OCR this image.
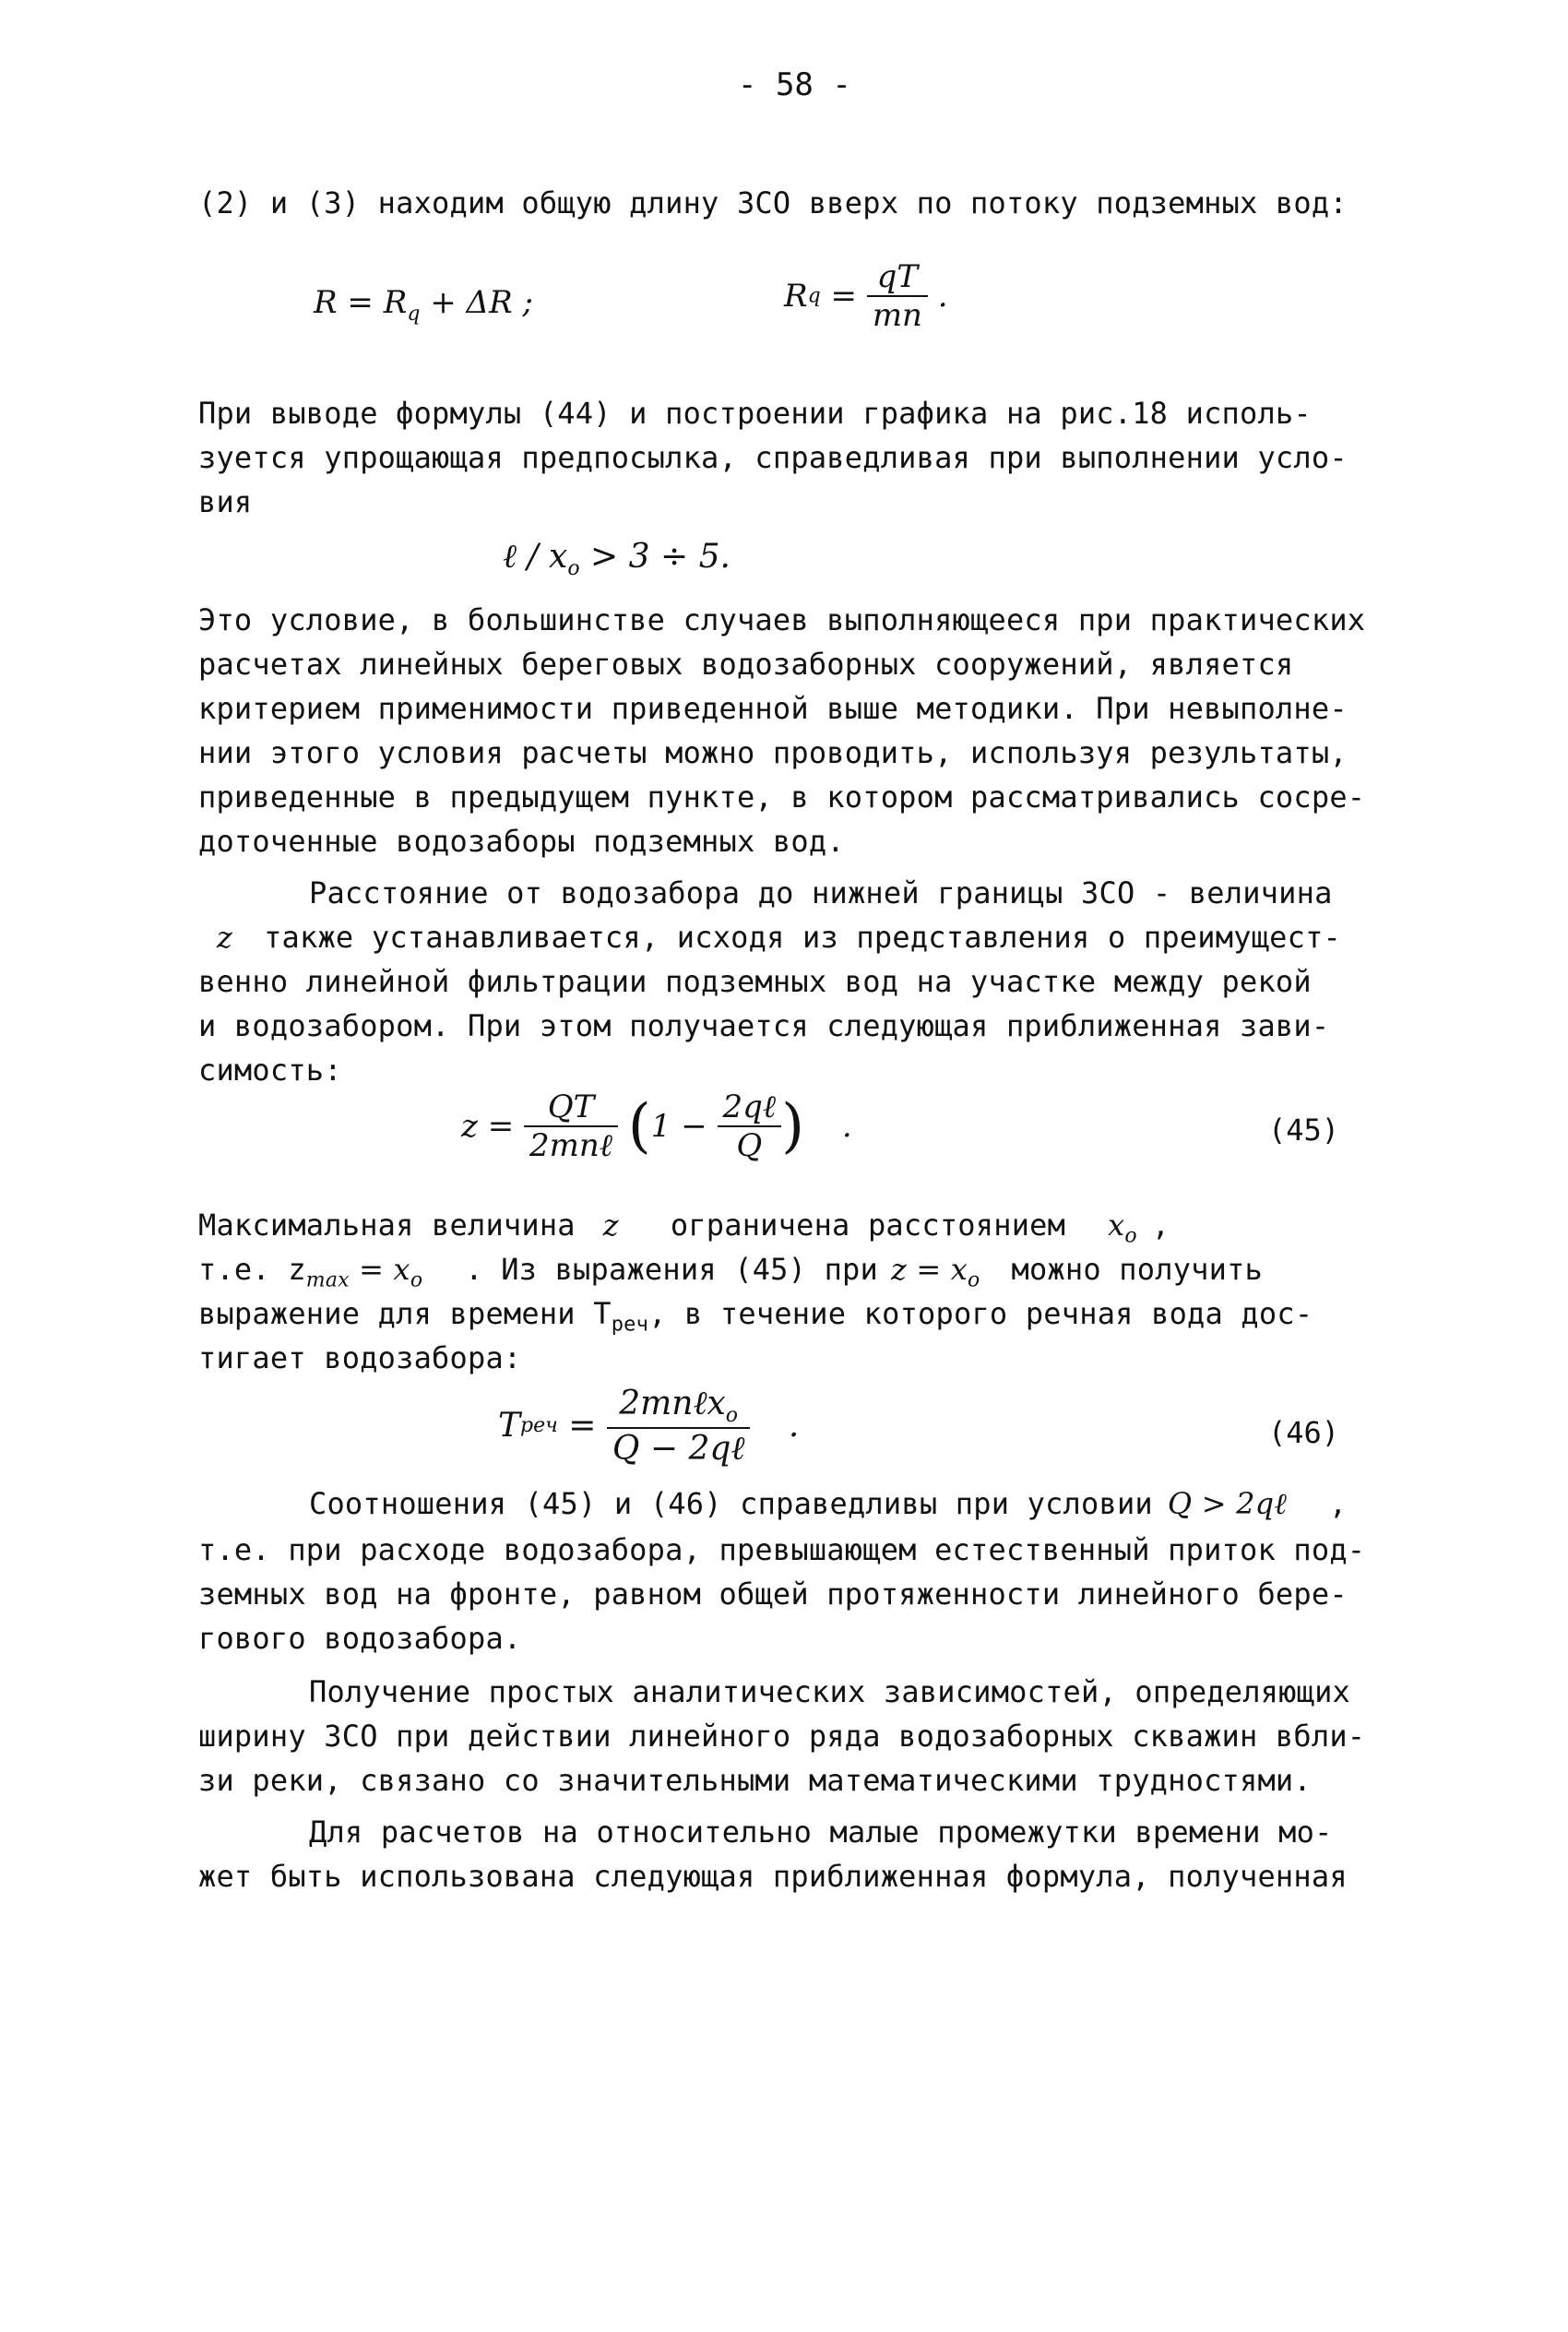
- 58 -
(2) и (3) находим общую длину ЗСО вверх по потоку подземных вод:
$R = R_q + \Delta R$ ;	$Rq = \frac{qT}{mn}$ .
При выводе формулы (44) и построении графика на рис.18 исполь-
зуется упрощающая предпосылка, справедливая при выполнении усло-
вия
ℓ / $x_o > 3 \div 5$.
Это условие, в большинстве случаев выполняющееся при практических
расчетах линейных береговых водозаборных сооружений, является
критерием применимости приведенной выше методики. При невыполне-
нии этого условия расчеты можно проводить, используя результаты,
приведенные в предыдущем пункте, в котором рассматривались сосре-
доточенные водозаборы подземных вод.
Расстояние от водозабора до нижней границы ЗСО - величина
z также устанавливается, исходя из представления о преимущест-
венно линейной фильтрации подземных вод на участке между рекой
и водозабором. При этом получается следующая приближенная зави-
симость:
$z = \frac{QT}{\text{2mnℓ}} (1 - \frac{\text{2qℓ}}{Q}$ ) .	(45)
Максимальная величина z ограничена расстоянием $x_o$ ,
т.е. $z_{max} = x_o$ . Из выражения (45) при $z = x_o$ можно получить
выражение для времени $T_{реч}$, в течение которого речная вода дос-
тигает водозабора:
Tреч = $\frac{2mn\ell x_o}{\text{Q − 2qℓ}}$ .	(46)
Соотношения (45) и (46) справедливы при условии Q > 2qℓ ,
т.е. при расходе водозабора, превышающем естественный приток под-
земных вод на фронте, равном общей протяженности линейного бере-
гового водозабора.
Получение простых аналитических зависимостей, определяющих
ширину ЗСО при действии линейного ряда водозаборных скважин вбли-
зи реки, связано со значительными математическими трудностями.
Для расчетов на относительно малые промежутки времени мо-
жет быть использована следующая приближенная формула, полученная
